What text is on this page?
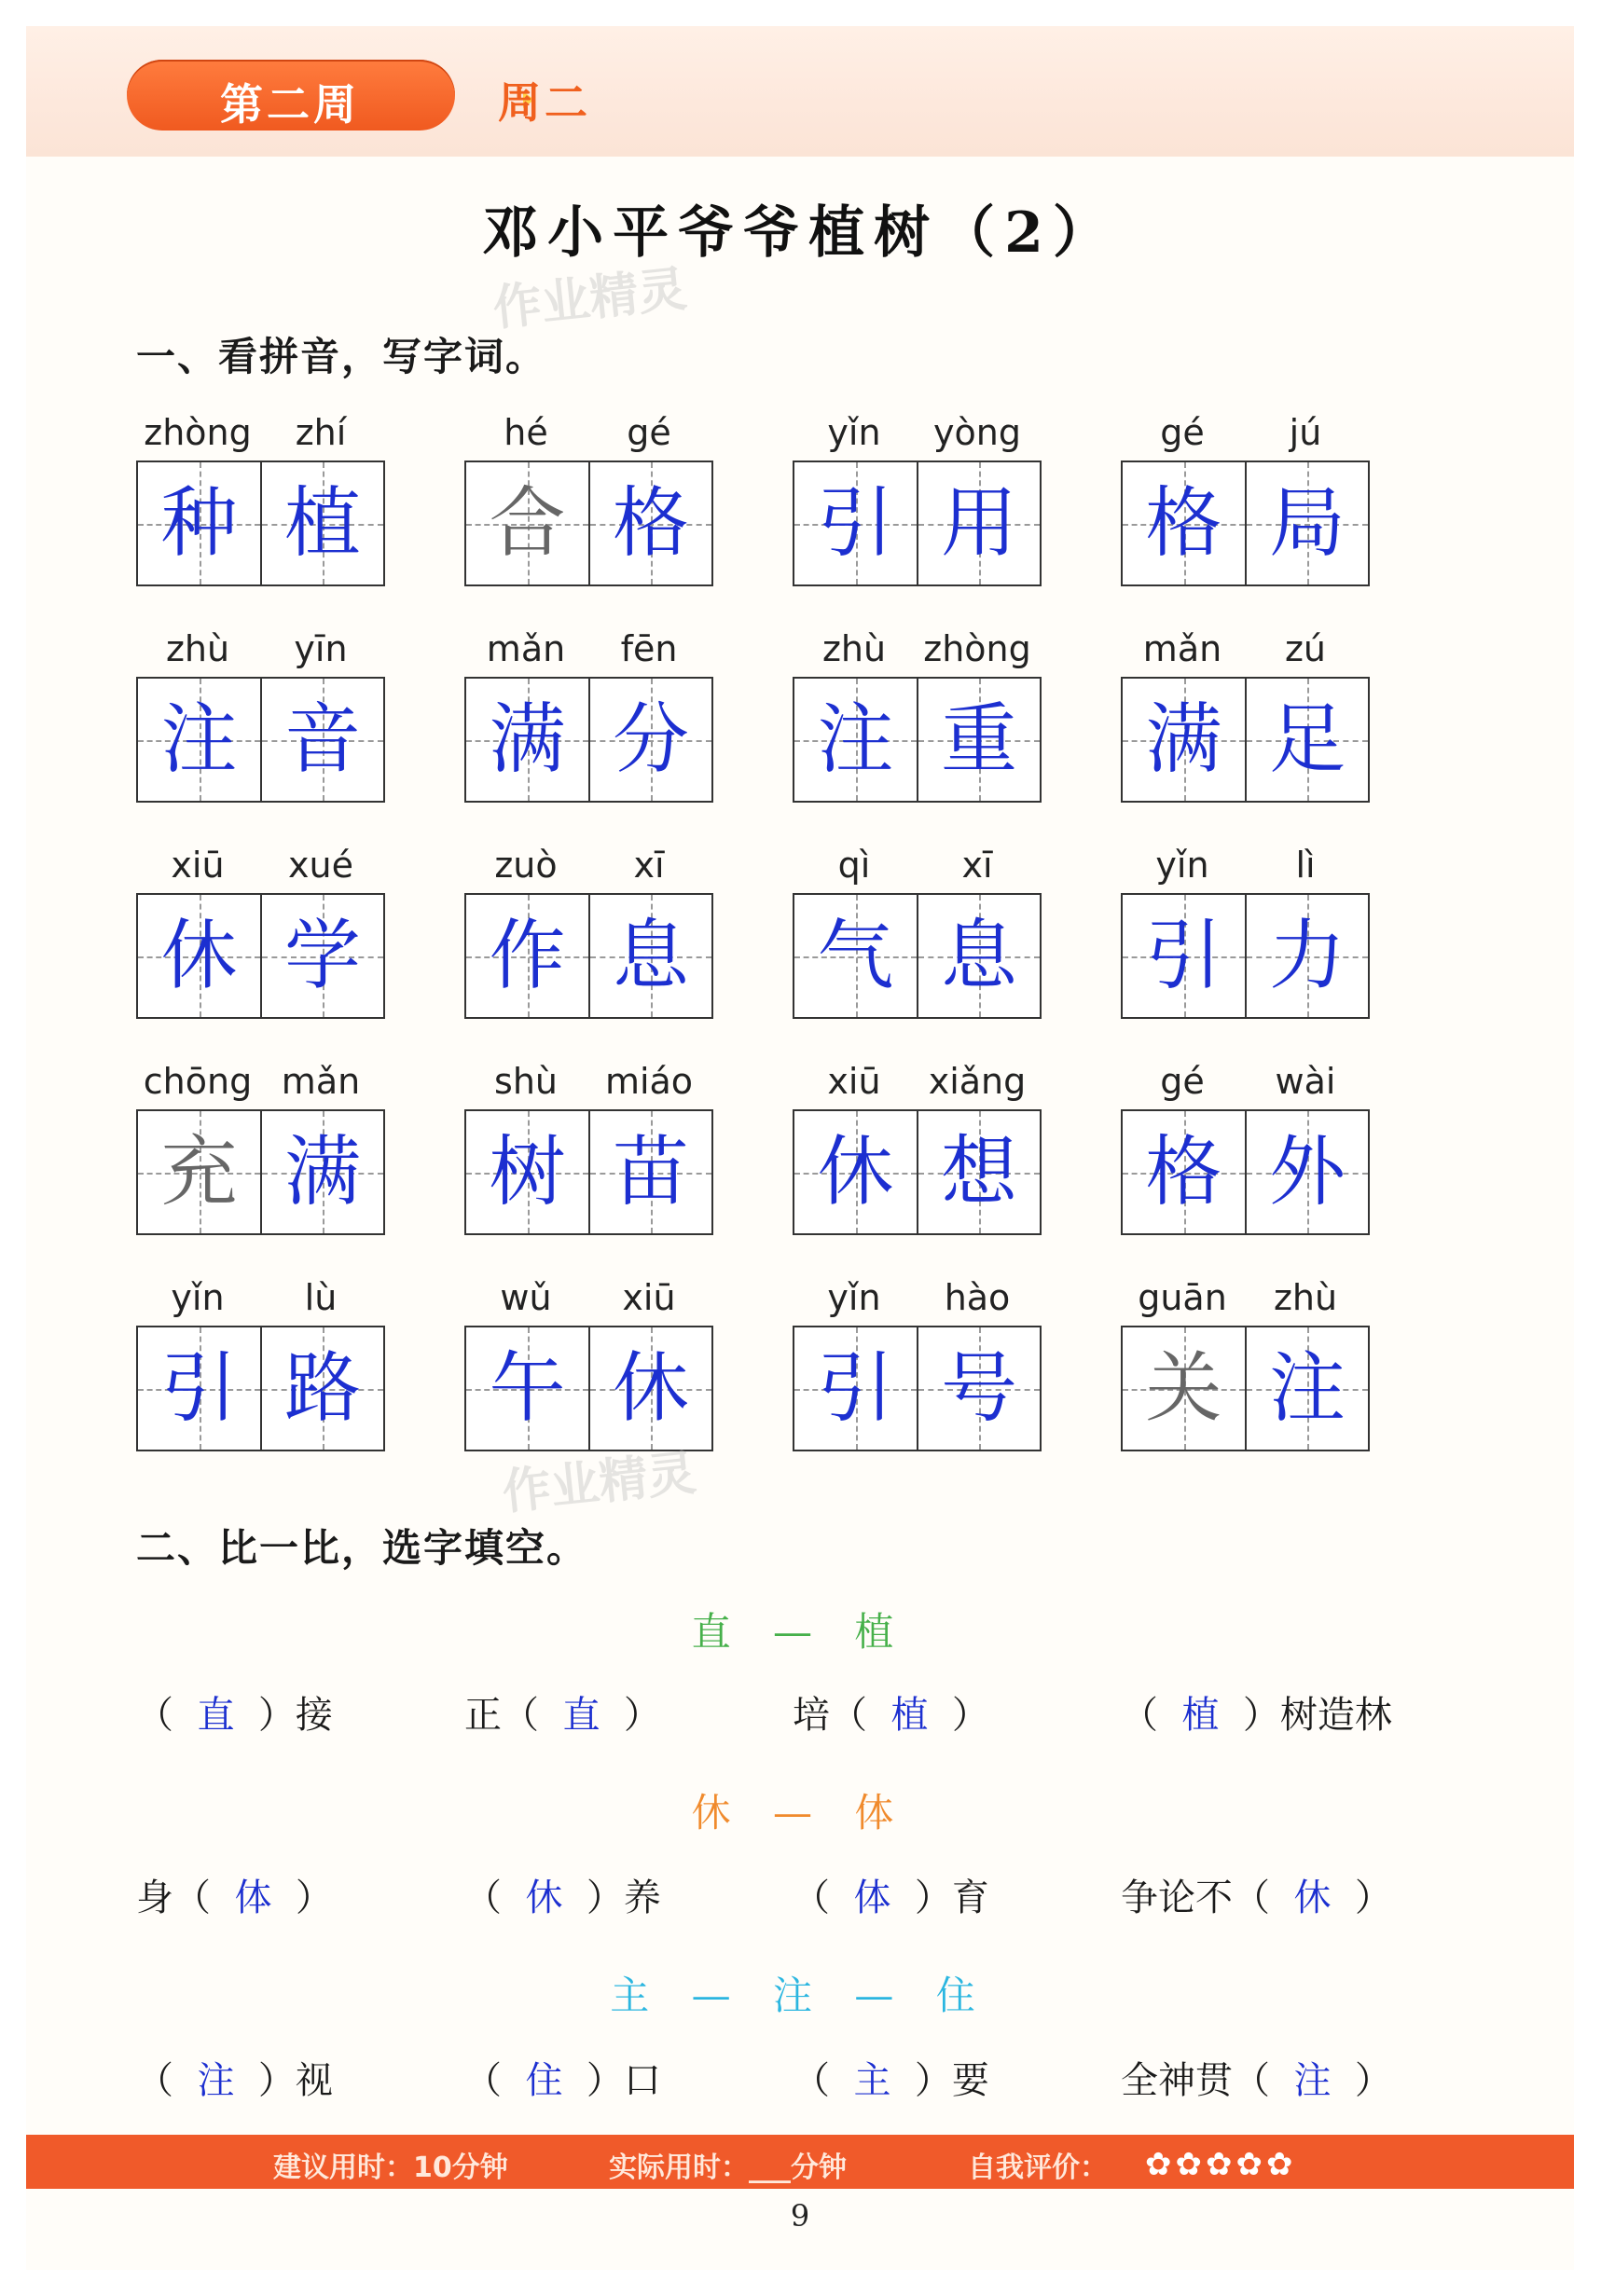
第二周	周二
邓小平爷爷植树（2）
作业精灵
一、看拼音，写字词。
zhòng	zhí
种 植
hé	gé
合 格
yǐn	yòng
引 用
gé	jú
格 局
zhù	yīn
注 音
mǎn	fēn
满 分
zhù	zhòng
注 重
mǎn	zú
满 足
xiū	xué
休 学
zuò	xī
作 息
qì	xī
气 息
yǐn	lì
引 力
chōng mǎn
充 满
shù	miáo
树 苗
xiū	xiǎng
休 想
gé	wài
格 外
yǐn	lù
引 路
wǔ	xiū
午 休
yǐn	hào
引 号
guān	zhù
关 注
作业精灵
二、比一比，选字填空。
直 — 植
（  直  ）接	正（  直  ）	培（  植  ）	（  植  ）树造林
休 — 体
身（  体  ）	（  休  ）养	（  体  ）育	争论不（  休  ）
主 — 注 — 住
（  注  ）视	（  住  ）口	（  主  ）要	全神贯（  注  ）
建议用时：10分钟	实际用时：___分钟	自我评价： ✿✿✿✿✿
9
